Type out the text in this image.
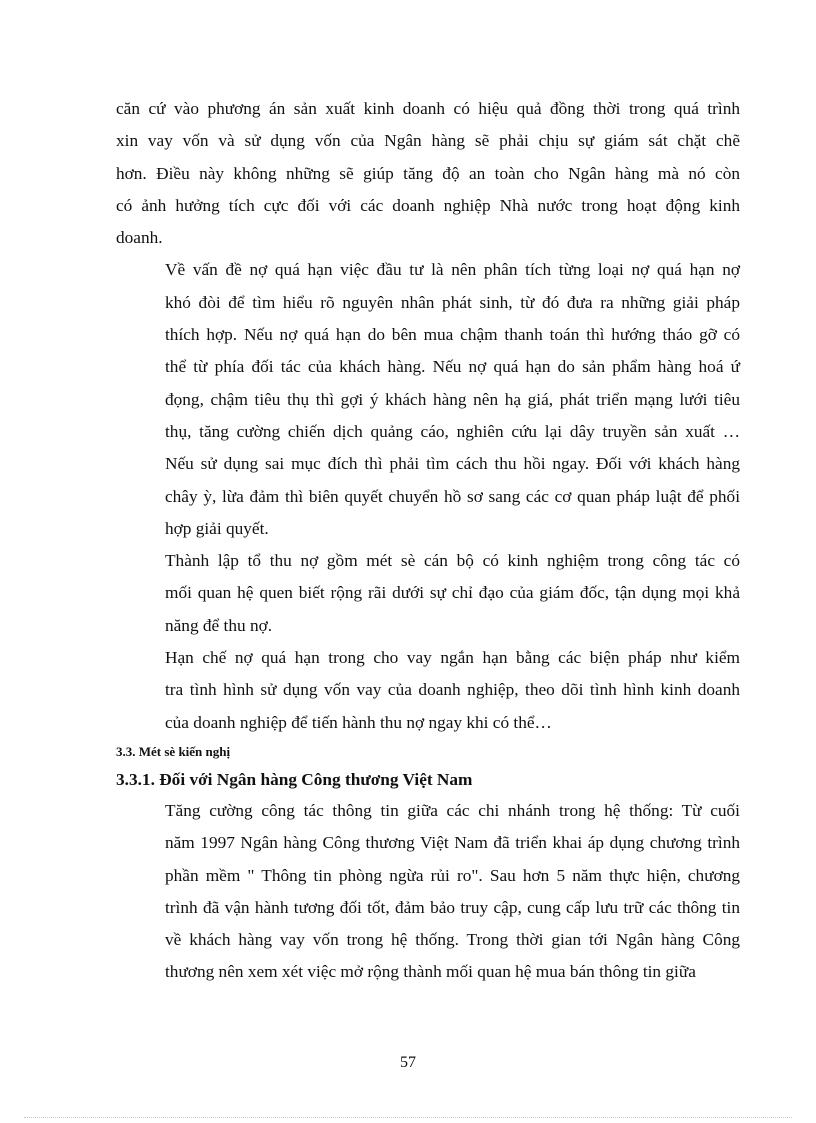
căn cứ vào phương án sản xuất kinh doanh có hiệu quả đồng thời trong quá trình
xin vay vốn và sử dụng vốn của Ngân hàng sẽ phải chịu sự giám sát chặt chẽ
hơn. Điều này không những sẽ giúp tăng độ an toàn cho Ngân hàng mà nó còn
có ảnh hưởng tích cực đối với các doanh nghiệp Nhà nước trong hoạt động kinh
doanh.

Về vấn đề nợ quá hạn việc đầu tư là nên phân tích từng loại nợ quá hạn nợ
khó đòi để tìm hiểu rõ nguyên nhân phát sinh, từ đó đưa ra những giải pháp
thích hợp. Nếu nợ quá hạn do bên mua chậm thanh toán thì hướng tháo gỡ có
thể từ phía đối tác của khách hàng. Nếu nợ quá hạn do sản phẩm hàng hoá ứ
đọng, chậm tiêu thụ thì gợi ý khách hàng nên hạ giá, phát triển mạng lưới tiêu
thụ, tăng cường chiến dịch quảng cáo, nghiên cứu lại dây truyền sản xuất …
Nếu sử dụng sai mục đích thì phải tìm cách thu hồi ngay. Đối với khách hàng
chây ỳ, lừa đảm thì biên quyết chuyển hồ sơ sang các cơ quan pháp luật để phối
hợp giải quyết.

Thành lập tổ thu nợ gồm mét sè cán bộ có kinh nghiệm trong công tác có
mối quan hệ quen biết rộng rãi dưới sự chỉ đạo của giám đốc, tận dụng mọi khả
năng để thu nợ.

Hạn chế nợ quá hạn trong cho vay ngắn hạn bằng các biện pháp như kiểm
tra tình hình sử dụng vốn vay của doanh nghiệp, theo dõi tình hình kinh doanh
của doanh nghiệp để tiến hành thu nợ ngay khi có thể…

3.3. Mét sè kiến nghị
3.3.1. Đối với Ngân hàng Công thương Việt Nam

Tăng cường công tác thông tin giữa các chi nhánh trong hệ thống: Từ cuối
năm 1997 Ngân hàng Công thương Việt Nam đã triển khai áp dụng chương trình
phần mềm " Thông tin phòng ngừa rủi ro". Sau hơn 5 năm thực hiện, chương
trình đã vận hành tương đối tốt, đảm bảo truy cập, cung cấp lưu trữ các thông tin
về khách hàng vay vốn trong hệ thống. Trong thời gian tới Ngân hàng Công
thương nên xem xét việc mở rộng thành mối quan hệ mua bán thông tin giữa

57
